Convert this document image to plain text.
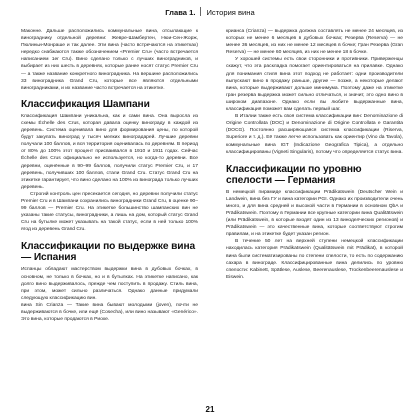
Глава 1. История вина

Маконне. Дальше расположились коммунальные вина, отсылающие к винограднику отдельной деревни: Жевре-Шамбертен, Нюи-Сен-Жорж, Пюлиньи-Монраше и так далее. Эти вина (часто встречаются на этикетках) нередко снабжаются также обозначением «Premier Cru» (часто встречается написанием 1er Cru). Вино сделано только с лучших виноградников, и выбирает из них шесть в деревнях, которые ранее носят статус Premier Cru — а также название конкретного виноградника. На вершине расположились 33 виноградника Grand Cru, которые все являются отдельными виноградниками, и их название часто встречается на этикетке.

Классификация Шампани

Классификация Шампани уникальна, как и сами вина. Она выросла из схемы Échelle des Crus, которая давала оценку винограду в каждой из деревень. Система оценивала вино для формирования цены, по которой будут закупать виноград у тысяч мелких виноградарей. Лучшие деревни получали 100 баллов, и вся территория оценивалась по деревням. В период от 80% до 100% этот процент присваивался в 1910 и 1911 годах. Сейчас Échelle des Crus официально не используется, но когда-то деревни. Все деревни, оценённые в 90–99 баллов, получили статус Premier Cru, и 17 деревень, получивших 100 баллов, стали Grand Cru. Статус Grand Cru на этикетке гарантирует, что вино сделано на 100% из винограда только лучших деревень.

Строгий контроль цен пресекается сегодня, но деревни получили статус Premier Cru и в Шампани сохранились виноградники Grand Cru, в оценке 90–99 баллов — Premier Cru. На этикетке большинство шампанских вин не указаны такие статусы, виноградники, а лишь на дом, который статус Grand Cru на бутылке может указывать на такой статус, если в ней только 100% ягод из деревень Grand Cru.

Классификации по выдержке вина — Испания

Испанцы обладают мастерством выдержки вина в дубовых бочках, в основном, не только в бочках, но и в бутылках. На этикетке написано, как долго вино выдерживалось, прежде чем поступить в продажу. Стиль вина, при этом, может сильно различаться. Однако данные придумали следующую классификацию вин.

вина Sin Crianza — Такие вина бывают молодыми (joven), почти не выдерживаются в бочке, или ещё (Cosecha), или вино называют «Genérico». Это вина, которые продаются в Риохе.

крианса (Crianza) — выдержка должна составлять не менее 24 месяцев, из которых не менее 6 месяцев в дубовых бочках; Резерва (Reserva) — не менее 36 месяцев, из них не менее 12 месяцев в бочке; Гран Резерва (Gran Reserva) — не менее 60 месяцев, из них не менее 18 в бочке.

У хорошей системы есть свои сторонники и противники. Приверженцы скажут, что эта раскладка помогает ориентироваться на прилавке. Однако для понимания стиля вина этот подход не работает: одни производители выпускают вино в продажу раньше, другие — позже, а некоторые делают вина, которые выдерживают дольше минимума. Поэтому даже на этикетке гран резерва выдержка может сильно отличаться, и значит, это одно вино в широком диапазоне. Однако если вы любите выдержанные вина, классификация поможет вам сделать первый шаг.

В Италии также есть своя система классификации вин: Denominazione di Origine Controllata (DOC) и Denominazione di Origine Controllata e Garantita (DOCG). Постоянно расширяющаяся система классификации (Riserva, Superiore и т. д.). Её также легче использовать как ориентир (Vino da Tavola), коммунальные вина IGT (Indicazione Geografica Tipica), а отдельно классифицированы (Vigneti Singularis), потому что определяется статус вина.

Классификации по уровню спелости — Германия

В немецкой пирамиде классификации Prädikatswein (Deutscher Wein и Landwein, вина без ГУ и вина категории PGI. Однако их производители очень много, и для вина средней и высокой части в Германии в основном QbA и Prädikatswein. Поэтому в Германии все крупные категории вина Qualitätswein (или Prädikatswein, в которые входят один из 13 виноделческих регионов) и Prädikatswein — это качественные вина, которые соответствуют строгим правилам, и на этикетке будет указан регион.

В течение 50 лет на верхней ступени немецкой классификации находилась категория Prädikatswein (Qualitätswein mit Prädikat), в которой вина были систематизированы по степени спелости, то есть по содержанию сахара в винограде. Классифицированные вина делились по уровню спелости: Kabinett, Spätlese, Auslese, Beerenauslese, Trockenbeerenauslese и Eiswein.

21
